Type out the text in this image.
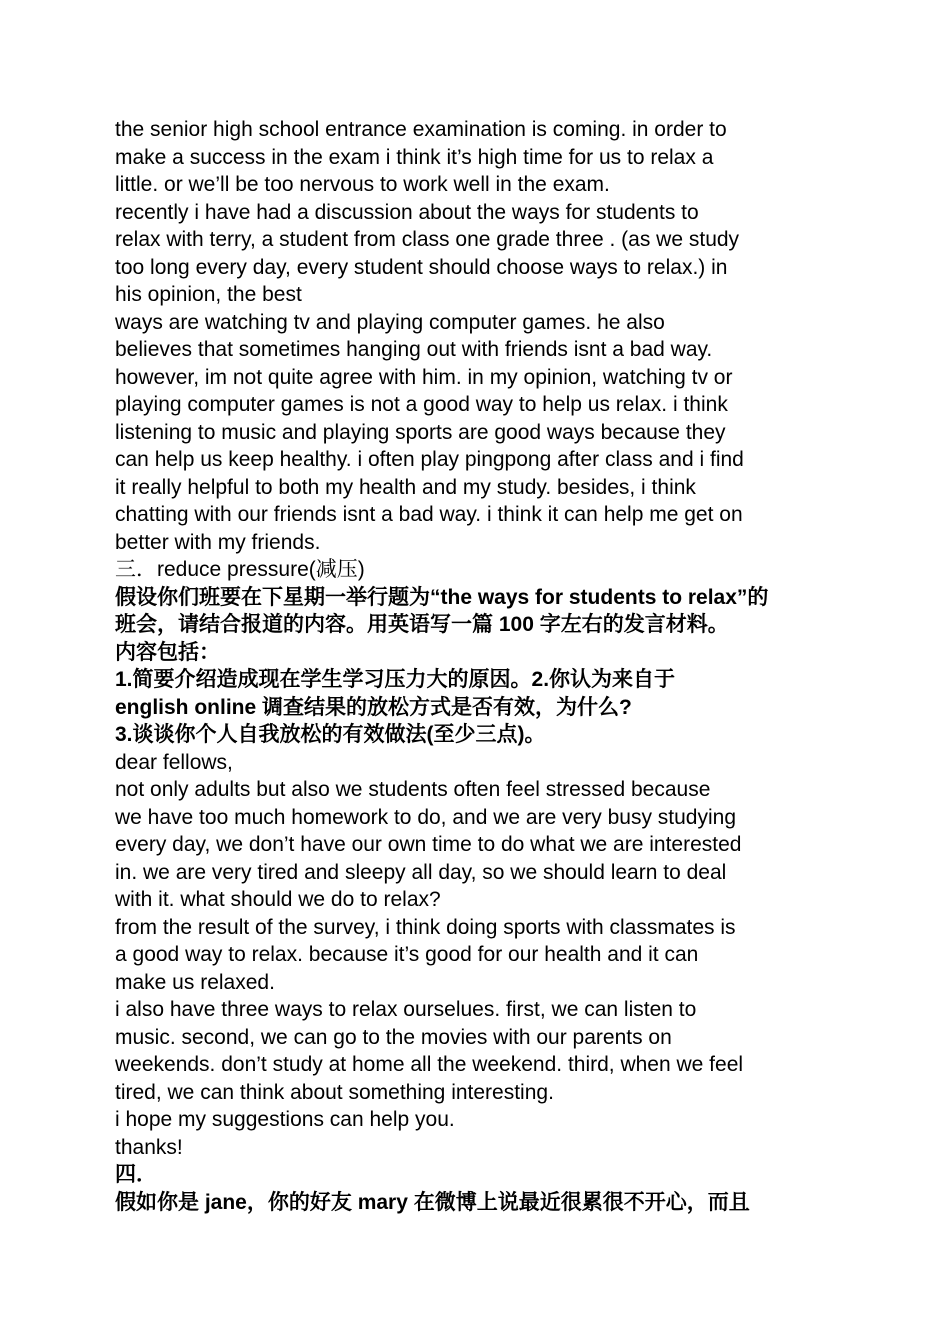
the senior high school entrance examination is coming. in order to
make a success in the exam i think it’s high time for us to relax a
little. or we’ll be too nervous to work well in the exam.
recently i have had a discussion about the ways for students to
relax with terry, a student from class one grade three . (as we study
too long every day, every student should choose ways to relax.) in
his opinion, the best
ways are watching tv and playing computer games. he also
believes that sometimes hanging out with friends isnt a bad way.
however, im not quite agree with him. in my opinion, watching tv or
playing computer games is not a good way to help us relax. i think
listening to music and playing sports are good ways because they
can help us keep healthy. i often play pingpong after class and i find
it really helpful to both my health and my study. besides, i think
chatting with our friends isnt a bad way. i think it can help me get on
better with my friends.
三．reduce pressure(减压)
假设你们班要在下星期一举行题为“the ways for students to relax”的
班会，请结合报道的内容。用英语写一篇 100 字左右的发言材料。
内容包括：
1.简要介绍造成现在学生学习压力大的原因。2.你认为来自于
english online 调查结果的放松方式是否有效，为什么?
3.谈谈你个人自我放松的有效做法(至少三点)。
dear fellows,
not only adults but also we students often feel stressed because
we have too much homework to do, and we are very busy studying
every day, we don’t have our own time to do what we are interested
in. we are very tired and sleepy all day, so we should learn to deal
with it. what should we do to relax?
from the result of the survey, i think doing sports with classmates is
a good way to relax. because it’s good for our health and it can
make us relaxed.
i also have three ways to relax ourselues. first, we can listen to
music. second, we can go to the movies with our parents on
weekends. don’t study at home all the weekend. third, when we feel
tired, we can think about something interesting.
i hope my suggestions can help you.
thanks!
四．
假如你是 jane，你的好友 mary 在微博上说最近很累很不开心，而且
